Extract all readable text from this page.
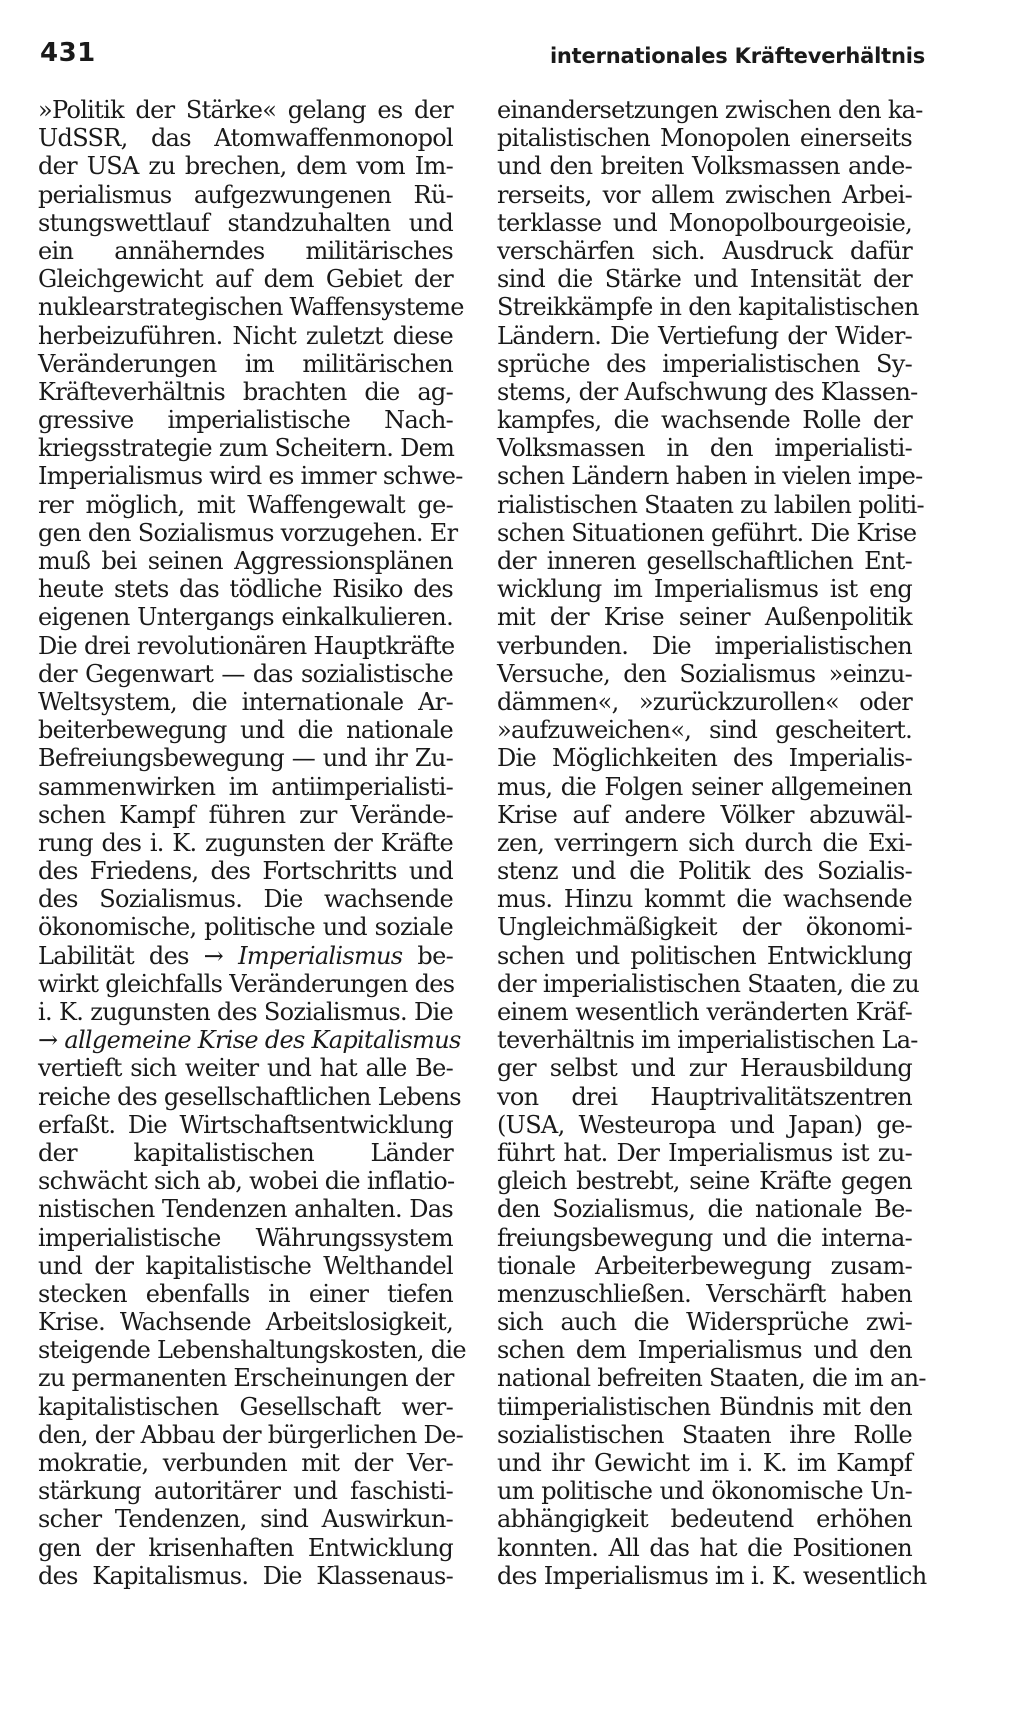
431	internationales Kräfteverhältnis
»Politik der Stärke« gelang es der
UdSSR, das Atomwaffenmonopol
der USA zu brechen, dem vom Im-
perialismus aufgezwungenen Rü-
stungswettlauf standzuhalten und
ein annäherndes militärisches
Gleichgewicht auf dem Gebiet der
nuklearstrategischen Waffensysteme
herbeizuführen. Nicht zuletzt diese
Veränderungen im militärischen
Kräfteverhältnis brachten die ag-
gressive imperialistische Nach-
kriegsstrategie zum Scheitern. Dem
Imperialismus wird es immer schwe-
rer möglich, mit Waffengewalt ge-
gen den Sozialismus vorzugehen. Er
muß bei seinen Aggressionsplänen
heute stets das tödliche Risiko des
eigenen Untergangs einkalkulieren.
Die drei revolutionären Hauptkräfte
der Gegenwart — das sozialistische
Weltsystem, die internationale Ar-
beiterbewegung und die nationale
Befreiungsbewegung — und ihr Zu-
sammenwirken im antiimperialisti-
schen Kampf führen zur Verände-
rung des i. K. zugunsten der Kräfte
des Friedens, des Fortschritts und
des Sozialismus. Die wachsende
ökonomische, politische und soziale
Labilität des → Imperialismus be-
wirkt gleichfalls Veränderungen des
i. K. zugunsten des Sozialismus. Die
→ allgemeine Krise des Kapitalismus
vertieft sich weiter und hat alle Be-
reiche des gesellschaftlichen Lebens
erfaßt. Die Wirtschaftsentwicklung
der kapitalistischen Länder
schwächt sich ab, wobei die inflatio-
nistischen Tendenzen anhalten. Das
imperialistische Währungssystem
und der kapitalistische Welthandel
stecken ebenfalls in einer tiefen
Krise. Wachsende Arbeitslosigkeit,
steigende Lebenshaltungskosten, die
zu permanenten Erscheinungen der
kapitalistischen Gesellschaft wer-
den, der Abbau der bürgerlichen De-
mokratie, verbunden mit der Ver-
stärkung autoritärer und faschisti-
scher Tendenzen, sind Auswirkun-
gen der krisenhaften Entwicklung
des Kapitalismus. Die Klassenaus-
einandersetzungen zwischen den ka-
pitalistischen Monopolen einerseits
und den breiten Volksmassen ande-
rerseits, vor allem zwischen Arbei-
terklasse und Monopolbourgeoisie,
verschärfen sich. Ausdruck dafür
sind die Stärke und Intensität der
Streikkämpfe in den kapitalistischen
Ländern. Die Vertiefung der Wider-
sprüche des imperialistischen Sy-
stems, der Aufschwung des Klassen-
kampfes, die wachsende Rolle der
Volksmassen in den imperialisti-
schen Ländern haben in vielen impe-
rialistischen Staaten zu labilen politi-
schen Situationen geführt. Die Krise
der inneren gesellschaftlichen Ent-
wicklung im Imperialismus ist eng
mit der Krise seiner Außenpolitik
verbunden. Die imperialistischen
Versuche, den Sozialismus »einzu-
dämmen«, »zurückzurollen« oder
»aufzuweichen«, sind gescheitert.
Die Möglichkeiten des Imperialis-
mus, die Folgen seiner allgemeinen
Krise auf andere Völker abzuwäl-
zen, verringern sich durch die Exi-
stenz und die Politik des Sozialis-
mus. Hinzu kommt die wachsende
Ungleichmäßigkeit der ökonomi-
schen und politischen Entwicklung
der imperialistischen Staaten, die zu
einem wesentlich veränderten Kräf-
teverhältnis im imperialistischen La-
ger selbst und zur Herausbildung
von drei Hauptrivalitätszentren
(USA, Westeuropa und Japan) ge-
führt hat. Der Imperialismus ist zu-
gleich bestrebt, seine Kräfte gegen
den Sozialismus, die nationale Be-
freiungsbewegung und die interna-
tionale Arbeiterbewegung zusam-
menzuschließen. Verschärft haben
sich auch die Widersprüche zwi-
schen dem Imperialismus und den
national befreiten Staaten, die im an-
tiimperialistischen Bündnis mit den
sozialistischen Staaten ihre Rolle
und ihr Gewicht im i. K. im Kampf
um politische und ökonomische Un-
abhängigkeit bedeutend erhöhen
konnten. All das hat die Positionen
des Imperialismus im i. K. wesentlich
